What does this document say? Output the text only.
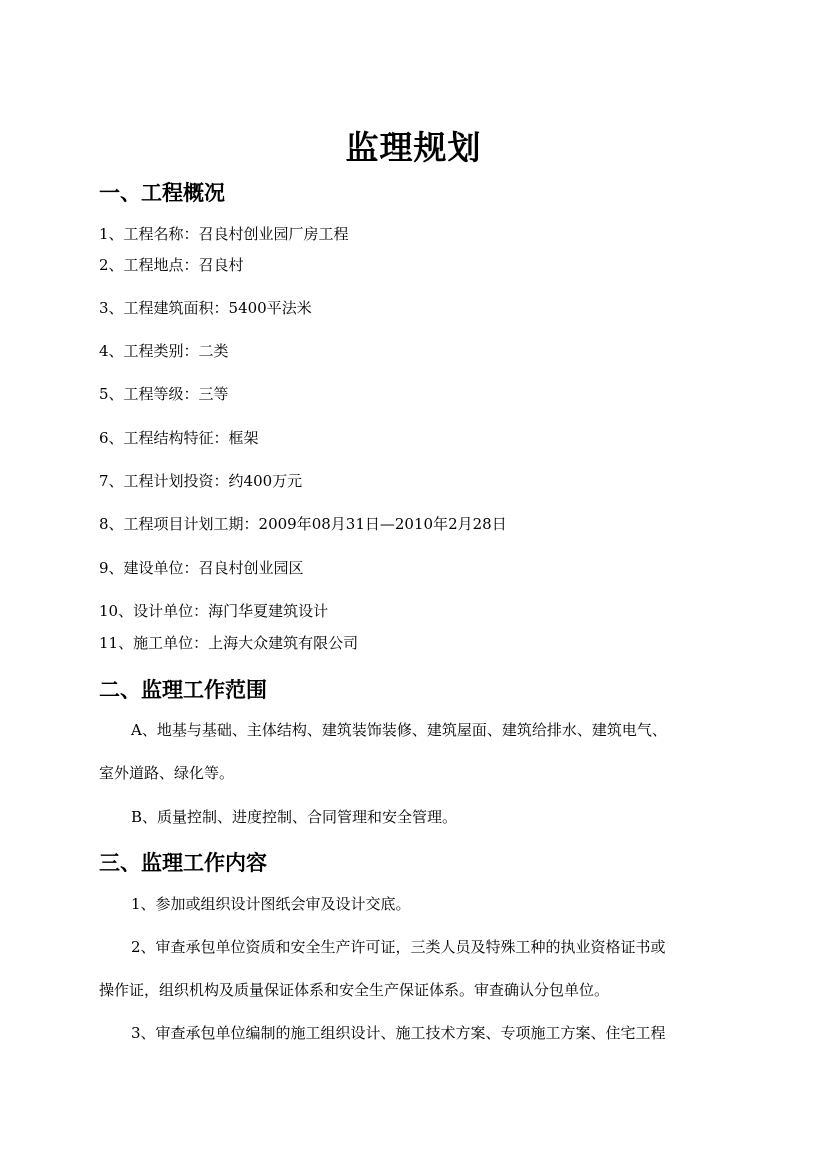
监理规划
一、工程概况

1、工程名称：召良村创业园厂房工程

2、工程地点：召良村

3、工程建筑面积：5400平法米

4、工程类别：二类

5、工程等级：三等

6、工程结构特征：框架

7、工程计划投资：约400万元

8、工程项目计划工期：2009年08月31日—2010年2月28日

9、建设单位：召良村创业园区

10、设计单位：海门华夏建筑设计

11、施工单位：上海大众建筑有限公司

二、监理工作范围

A、地基与基础、主体结构、建筑装饰装修、建筑屋面、建筑给排水、建筑电气、

室外道路、绿化等。

B、质量控制、进度控制、合同管理和安全管理。

三、监理工作内容

1、参加或组织设计图纸会审及设计交底。

2、审查承包单位资质和安全生产许可证，三类人员及特殊工种的执业资格证书或

操作证，组织机构及质量保证体系和安全生产保证体系。审查确认分包单位。

3、审查承包单位编制的施工组织设计、施工技术方案、专项施工方案、住宅工程
